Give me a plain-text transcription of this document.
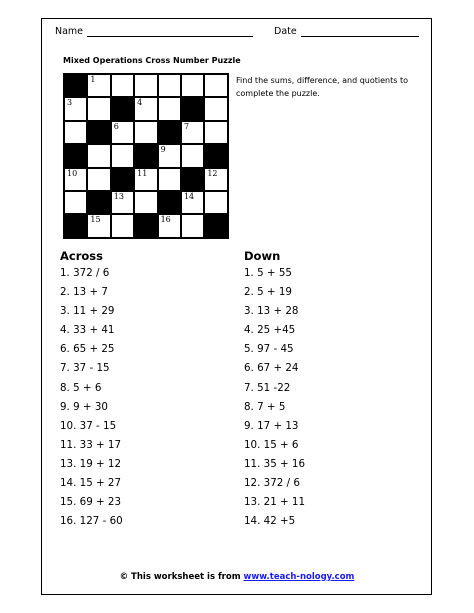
Name	Date
Mixed Operations Cross Number Puzzle
1
3	4	5
6	7
8	9
10	11	12
13	14
15	16
Find the sums, difference, and quotients to complete the puzzle.
Across
1. 372 / 6
2. 13 + 7
3. 11 + 29
4. 33 + 41
6. 65 + 25
7. 37 - 15
8. 5 + 6
9. 9 + 30
10. 37 - 15
11. 33 + 17
13. 19 + 12
14. 15 + 27
15. 69 + 23
16. 127 - 60
Down
1. 5 + 55
2. 5 + 19
3. 13 + 28
4. 25 +45
5. 97 - 45
6. 67 + 24
7. 51 -22
8. 7 + 5
9. 17 + 13
10. 15 + 6
11. 35 + 16
12. 372 / 6
13. 21 + 11
14. 42 +5
© This worksheet is from www.teach-nology.com
